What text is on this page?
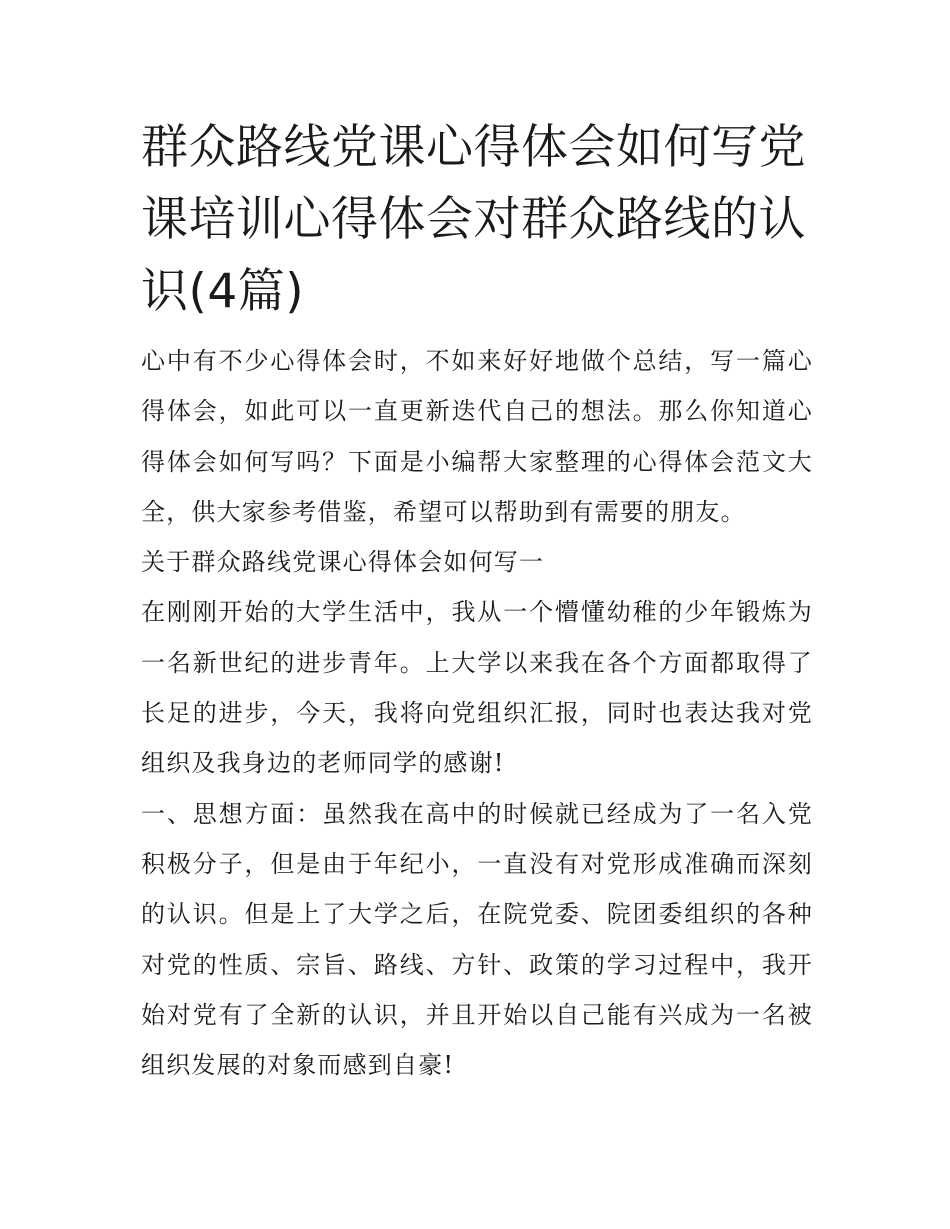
群众路线党课心得体会如何写党课培训心得体会对群众路线的认识(4篇)

心中有不少心得体会时，不如来好好地做个总结，写一篇心得体会，如此可以一直更新迭代自己的想法。那么你知道心得体会如何写吗？下面是小编帮大家整理的心得体会范文大全，供大家参考借鉴，希望可以帮助到有需要的朋友。

关于群众路线党课心得体会如何写一

在刚刚开始的大学生活中，我从一个懵懂幼稚的少年锻炼为一名新世纪的进步青年。上大学以来我在各个方面都取得了长足的进步，今天，我将向党组织汇报，同时也表达我对党组织及我身边的老师同学的感谢!

一、思想方面：虽然我在高中的时候就已经成为了一名入党积极分子，但是由于年纪小，一直没有对党形成准确而深刻的认识。但是上了大学之后，在院党委、院团委组织的各种对党的性质、宗旨、路线、方针、政策的学习过程中，我开始对党有了全新的认识，并且开始以自己能有兴成为一名被组织发展的对象而感到自豪!
